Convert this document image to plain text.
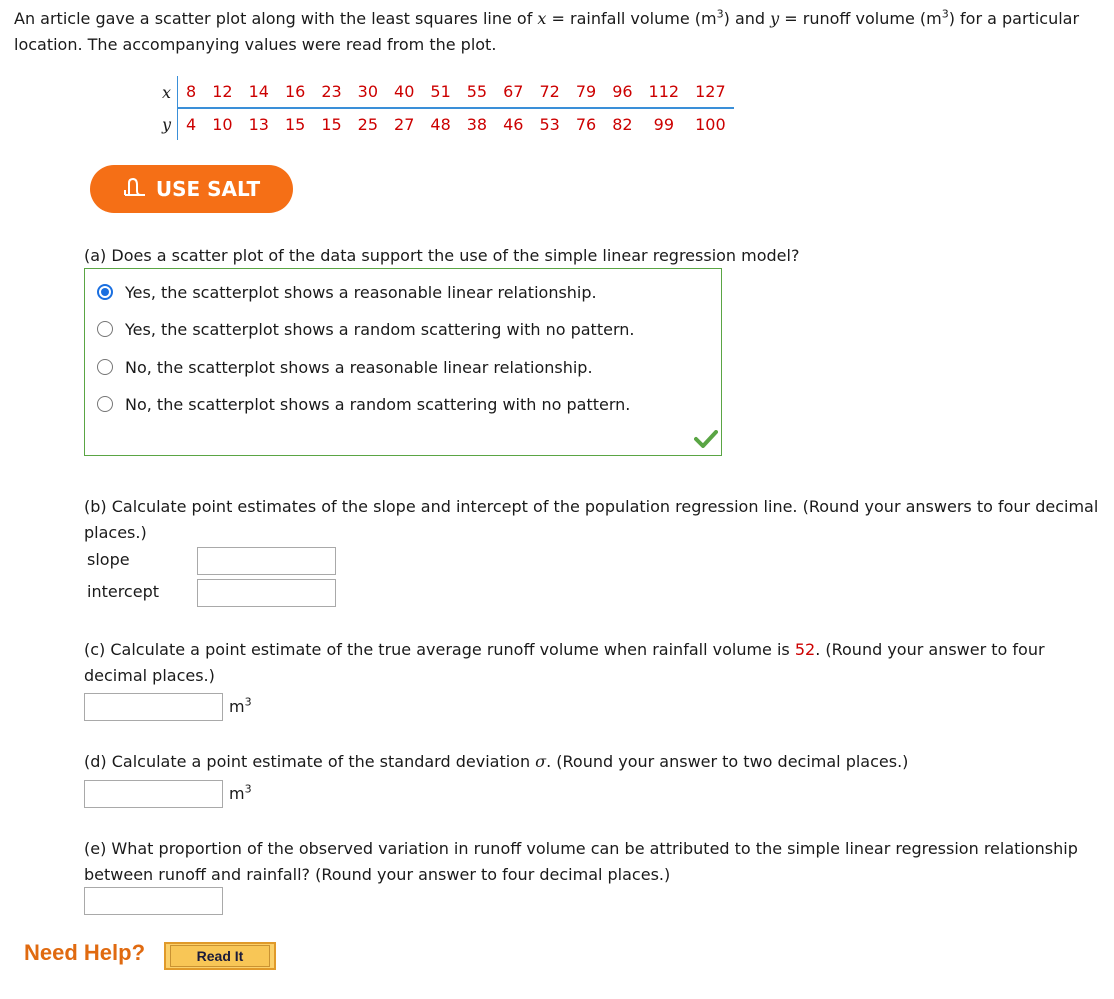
An article gave a scatter plot along with the least squares line of x = rainfall volume $(m^3)$ and y = runoff volume $(m^3)$ for a particular location. The accompanying values were read from the plot.
x	8	12	14	16	23	30	40	51	55	67	72	79	96	112	127
y	4	10	13	15	15	25	27	48	38	46	53	76	82	99	100
USE SALT
(a) Does a scatter plot of the data support the use of the simple linear regression model?
Yes, the scatterplot shows a reasonable linear relationship.
Yes, the scatterplot shows a random scattering with no pattern.
No, the scatterplot shows a reasonable linear relationship.
No, the scatterplot shows a random scattering with no pattern.
(b) Calculate point estimates of the slope and intercept of the population regression line. (Round your answers to four decimal places.)
slope
intercept
(c) Calculate a point estimate of the true average runoff volume when rainfall volume is 52. (Round your answer to four decimal places.)
$m^3$
(d) Calculate a point estimate of the standard deviation σ. (Round your answer to two decimal places.)
$m^3$
(e) What proportion of the observed variation in runoff volume can be attributed to the simple linear regression relationship between runoff and rainfall? (Round your answer to four decimal places.)
Need Help?	Read It
